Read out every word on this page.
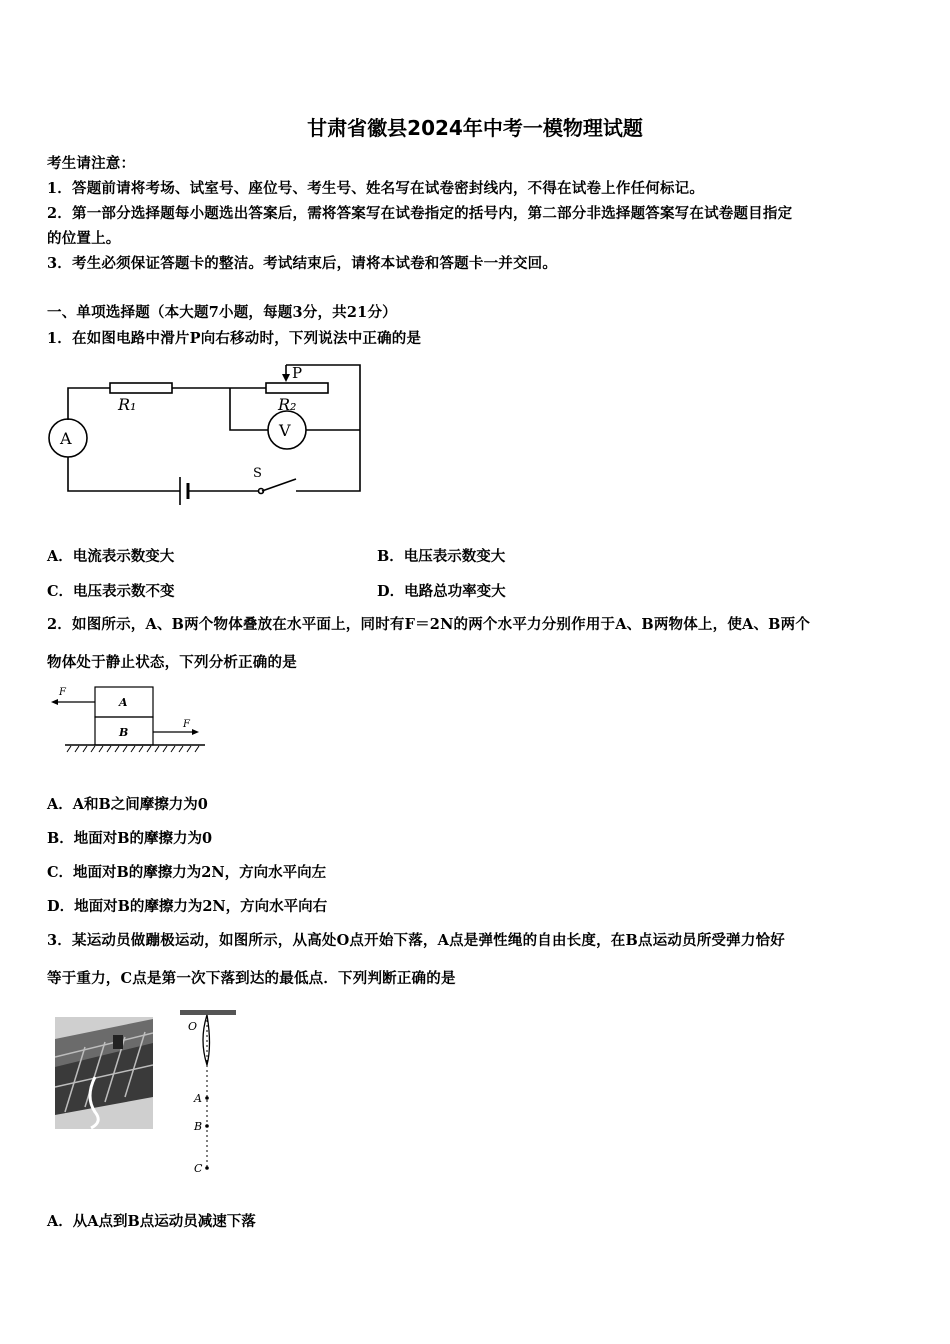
甘肃省徽县2024年中考一模物理试题
考生请注意：
1．答题前请将考场、试室号、座位号、考生号、姓名写在试卷密封线内，不得在试卷上作任何标记。
2．第一部分选择题每小题选出答案后，需将答案写在试卷指定的括号内，第二部分非选择题答案写在试卷题目指定
的位置上。
3．考生必须保证答题卡的整洁。考试结束后，请将本试卷和答题卡一并交回。
一、单项选择题（本大题7小题，每题3分，共21分）
1．在如图电路中滑片P向右移动时，下列说法中正确的是
P
R₁	R₂
V
A
S
A．电流表示数变大	B．电压表示数变大
C．电压表示数不变	D．电路总功率变大
2．如图所示，A、B两个物体叠放在水平面上，同时有F＝2N的两个水平力分别作用于A、B两物体上，使A、B两个
物体处于静止状态，下列分析正确的是
A
B
F
F
A．A和B之间摩擦力为0
B．地面对B的摩擦力为0
C．地面对B的摩擦力为2N，方向水平向左
D．地面对B的摩擦力为2N，方向水平向右
3．某运动员做蹦极运动，如图所示，从高处O点开始下落，A点是弹性绳的自由长度，在B点运动员所受弹力恰好
等于重力，C点是第一次下落到达的最低点．下列判断正确的是
O
A
B
C
A．从A点到B点运动员减速下落
